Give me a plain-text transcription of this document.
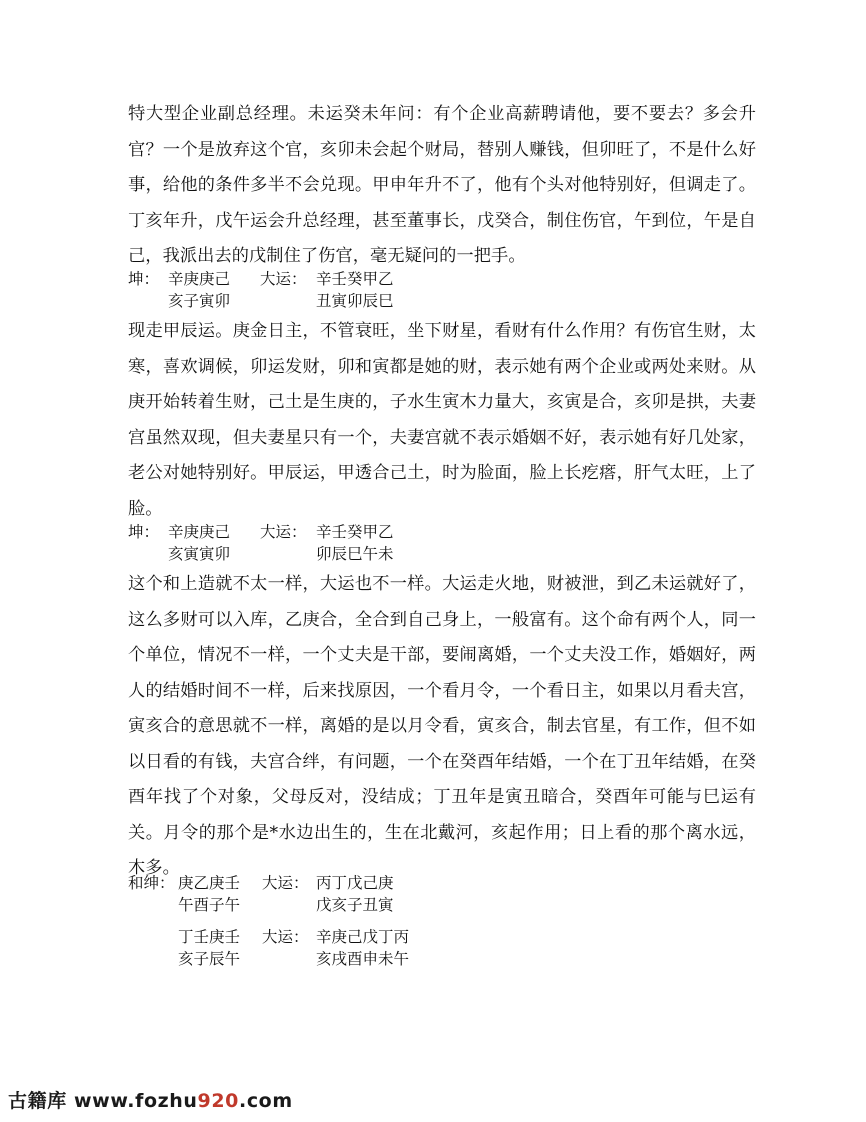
特大型企业副总经理。未运癸未年问：有个企业高薪聘请他，要不要去？多会升官？一个是放弃这个官，亥卯未会起个财局，替别人赚钱，但卯旺了，不是什么好事，给他的条件多半不会兑现。甲申年升不了，他有个头对他特别好，但调走了。丁亥年升，戊午运会升总经理，甚至董事长，戊癸合，制住伤官，午到位，午是自己，我派出去的戊制住了伤官，毫无疑问的一把手。

坤： 辛庚庚己	大运： 辛壬癸甲乙
亥子寅卯	丑寅卯辰巳

现走甲辰运。庚金日主，不管衰旺，坐下财星，看财有什么作用？有伤官生财，太寒，喜欢调候，卯运发财，卯和寅都是她的财，表示她有两个企业或两处来财。从庚开始转着生财，己土是生庚的，子水生寅木力量大，亥寅是合，亥卯是拱，夫妻宫虽然双现，但夫妻星只有一个，夫妻宫就不表示婚姻不好，表示她有好几处家，老公对她特别好。甲辰运，甲透合己土，时为脸面，脸上长疙瘩，肝气太旺，上了脸。

坤： 辛庚庚己	大运： 辛壬癸甲乙
亥寅寅卯	卯辰巳午未

这个和上造就不太一样，大运也不一样。大运走火地，财被泄，到乙未运就好了，这么多财可以入库，乙庚合，全合到自己身上，一般富有。这个命有两个人，同一个单位，情况不一样，一个丈夫是干部，要闹离婚，一个丈夫没工作，婚姻好，两人的结婚时间不一样，后来找原因，一个看月令，一个看日主，如果以月看夫宫，寅亥合的意思就不一样，离婚的是以月令看，寅亥合，制去官星，有工作，但不如以日看的有钱，夫宫合绊，有问题，一个在癸酉年结婚，一个在丁丑年结婚，在癸酉年找了个对象，父母反对，没结成；丁丑年是寅丑暗合，癸酉年可能与巳运有关。月令的那个是*水边出生的，生在北戴河，亥起作用；日上看的那个离水远，木多。

和绅： 庚乙庚壬	大运： 丙丁戊己庚
午酉子午	戊亥子丑寅
丁壬庚壬	大运： 辛庚己戊丁丙
亥子辰午	亥戌酉申未午
古籍库 www.fozhu920.com
